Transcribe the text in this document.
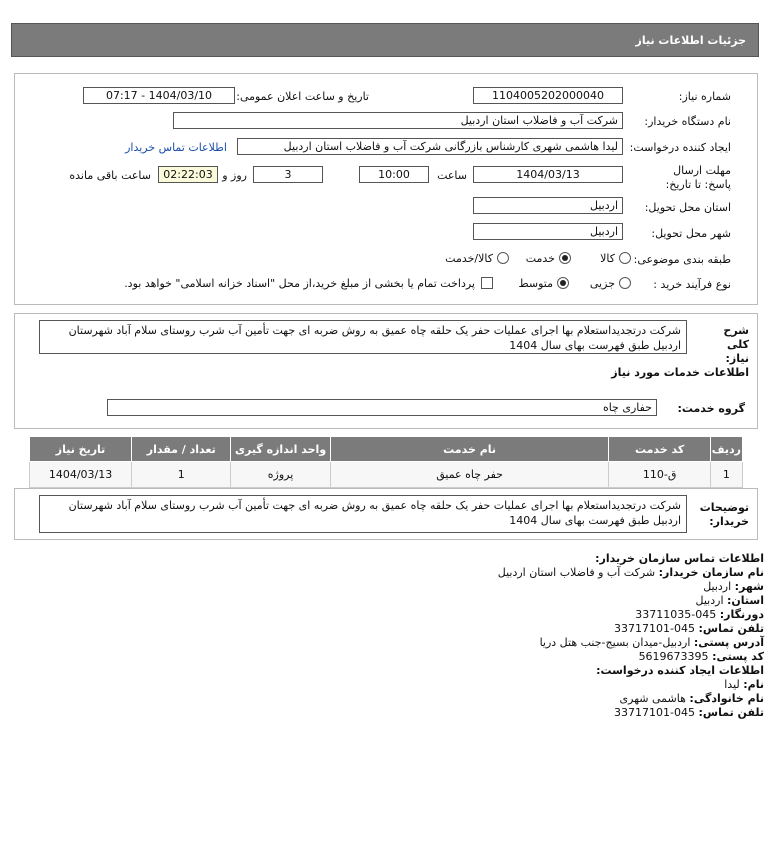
جزئیات اطلاعات نیاز
شماره نیاز:
1104005202000040
تاریخ و ساعت اعلان عمومی:
1404/03/10 - 07:17
نام دستگاه خریدار:
شرکت آب و فاضلاب استان اردبیل
ایجاد کننده درخواست:
لیدا هاشمی شهری کارشناس بازرگانی شرکت آب و فاضلاب استان اردبیل
اطلاعات تماس خریدار
مهلت ارسال پاسخ: تا تاریخ:
1404/03/13
ساعت
10:00
3
روز و
02:22:03
ساعت باقی مانده
استان محل تحویل:
اردبیل
شهر محل تحویل:
اردبیل
طبقه بندی موضوعی:
کالا
خدمت
کالا/خدمت
نوع فرآیند خرید :
جزیی
متوسط
پرداخت تمام یا بخشی از مبلغ خرید،از محل "اسناد خزانه اسلامی" خواهد بود.
شرح کلی نیاز:
شرکت درتجدیداستعلام بها اجرای عملیات حفر یک حلقه چاه عمیق به روش ضربه ای جهت تأمین آب شرب روستای سلام آباد شهرستان اردبیل طبق فهرست بهای سال 1404
اطلاعات خدمات مورد نیاز
گروه خدمت:
حفاری چاه
ردیف	کد خدمت	نام خدمت	واحد اندازه گیری	تعداد / مقدار	تاریخ نیاز
1	ق-110	حفر چاه عمیق	پروژه	1	1404/03/13
توضیحات خریدار:
شرکت درتجدیداستعلام بها اجرای عملیات حفر یک حلقه چاه عمیق به روش ضربه ای جهت تأمین آب شرب روستای سلام آباد شهرستان اردبیل طبق فهرست بهای سال 1404
اطلاعات تماس سازمان خریدار:
نام سازمان خریدار: شرکت آب و فاضلاب استان اردبیل
شهر: اردبیل
استان: اردبیل
دورنگار: 045-33711035
تلفن تماس: 045-33717101
آدرس پستی: اردبیل-میدان بسیج-جنب هتل دریا
کد پستی: 5619673395
اطلاعات ایجاد کننده درخواست:
نام: لیدا
نام خانوادگی: هاشمی شهری
تلفن تماس: 045-33717101
